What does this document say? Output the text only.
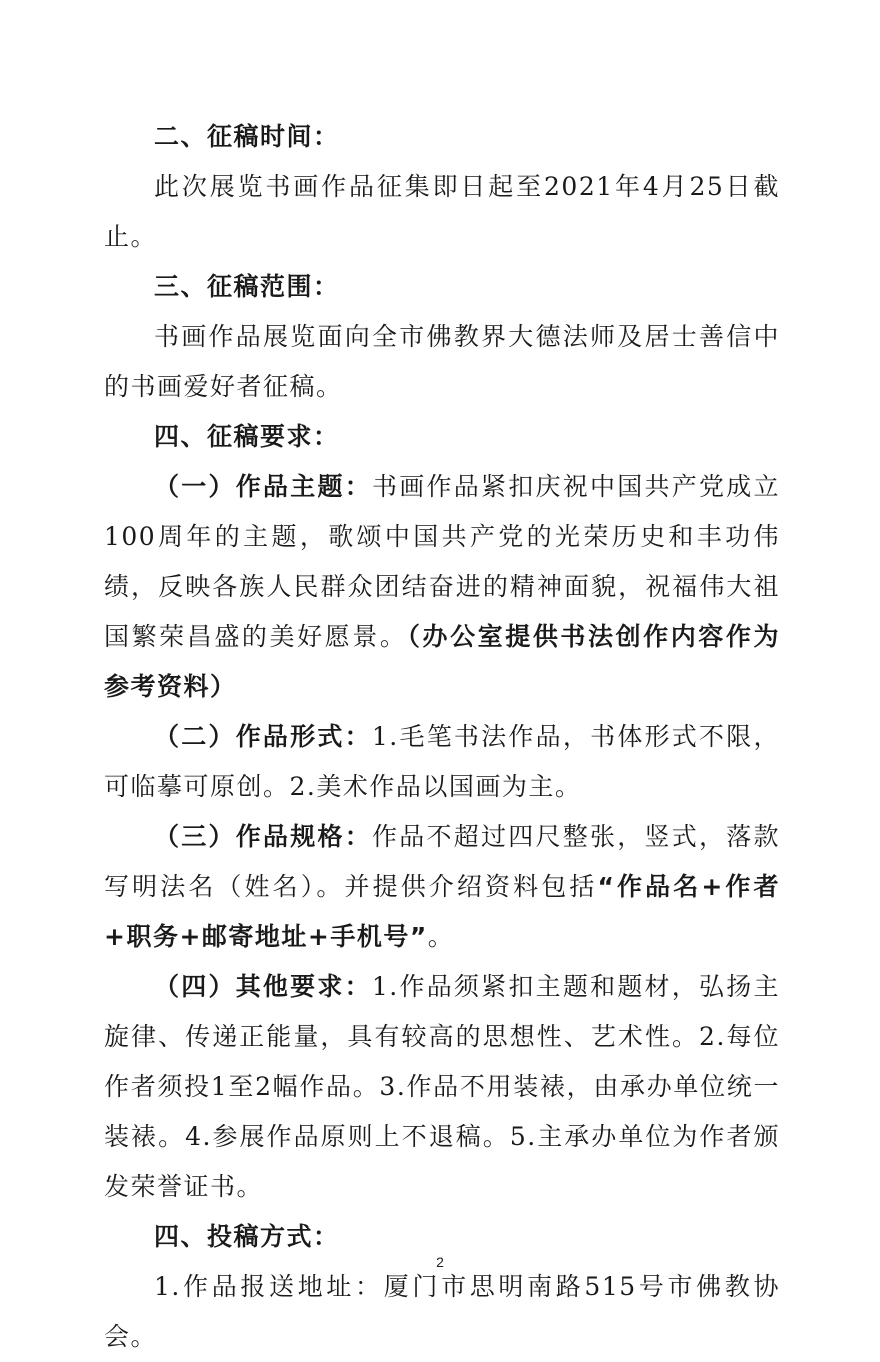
二、征稿时间：

此次展览书画作品征集即日起至2021年4月25日截止。

三、征稿范围：

书画作品展览面向全市佛教界大德法师及居士善信中的书画爱好者征稿。

四、征稿要求：

（一）作品主题：书画作品紧扣庆祝中国共产党成立100周年的主题，歌颂中国共产党的光荣历史和丰功伟绩，反映各族人民群众团结奋进的精神面貌，祝福伟大祖国繁荣昌盛的美好愿景。（办公室提供书法创作内容作为参考资料）

（二）作品形式：1.毛笔书法作品，书体形式不限，可临摹可原创。2.美术作品以国画为主。

（三）作品规格：作品不超过四尺整张，竖式，落款写明法名（姓名）。并提供介绍资料包括“作品名+作者+职务+邮寄地址+手机号”。

（四）其他要求：1.作品须紧扣主题和题材，弘扬主旋律、传递正能量，具有较高的思想性、艺术性。2.每位作者须投1至2幅作品。3.作品不用装裱，由承办单位统一装裱。4.参展作品原则上不退稿。5.主承办单位为作者颁发荣誉证书。

四、投稿方式：

1.作品报送地址：厦门市思明南路515号市佛教协会。

2
